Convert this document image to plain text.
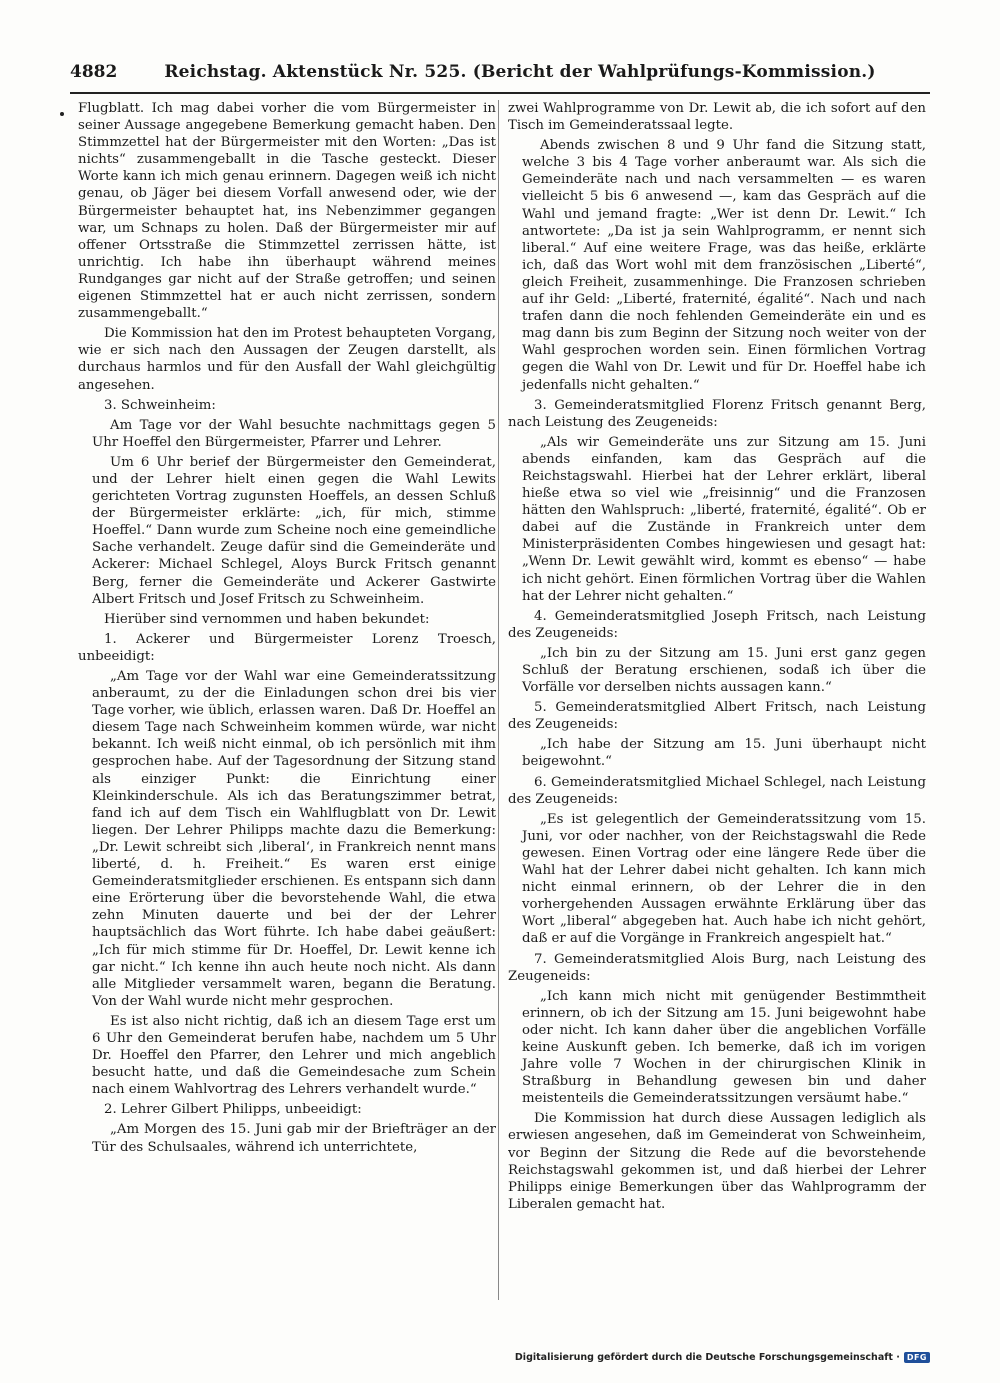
4882	Reichstag. Aktenstück Nr. 525. (Bericht der Wahlprüfungs-Kommission.)

Flugblatt. Ich mag dabei vorher die vom Bürgermeister in seiner Aussage angegebene Bemerkung gemacht haben. Den Stimmzettel hat der Bürgermeister mit den Worten: „Das ist nichts“ zusammengeballt in die Tasche gesteckt. Dieser Worte kann ich mich genau erinnern. Dagegen weiß ich nicht genau, ob Jäger bei diesem Vorfall anwesend oder, wie der Bürgermeister behauptet hat, ins Nebenzimmer gegangen war, um Schnaps zu holen. Daß der Bürgermeister mir auf offener Ortsstraße die Stimmzettel zerrissen hätte, ist unrichtig. Ich habe ihn überhaupt während meines Rundganges gar nicht auf der Straße getroffen; und seinen eigenen Stimmzettel hat er auch nicht zerrissen, sondern zusammengeballt.“

Die Kommission hat den im Protest behaupteten Vorgang, wie er sich nach den Aussagen der Zeugen darstellt, als durchaus harmlos und für den Ausfall der Wahl gleichgültig angesehen.

3. Schweinheim:

Am Tage vor der Wahl besuchte nachmittags gegen 5 Uhr Hoeffel den Bürgermeister, Pfarrer und Lehrer.

Um 6 Uhr berief der Bürgermeister den Gemeinderat, und der Lehrer hielt einen gegen die Wahl Lewits gerichteten Vortrag zugunsten Hoeffels, an dessen Schluß der Bürgermeister erklärte: „ich, für mich, stimme Hoeffel.“ Dann wurde zum Scheine noch eine gemeindliche Sache verhandelt. Zeuge dafür sind die Gemeinderäte und Ackerer: Michael Schlegel, Aloys Burck Fritsch genannt Berg, ferner die Gemeinderäte und Ackerer Gastwirte Albert Fritsch und Josef Fritsch zu Schweinheim.

Hierüber sind vernommen und haben bekundet:

1. Ackerer und Bürgermeister Lorenz Troesch, unbeeidigt:

„Am Tage vor der Wahl war eine Gemeinderatssitzung anberaumt, zu der die Einladungen schon drei bis vier Tage vorher, wie üblich, erlassen waren. Daß Dr. Hoeffel an diesem Tage nach Schweinheim kommen würde, war nicht bekannt. Ich weiß nicht einmal, ob ich persönlich mit ihm gesprochen habe. Auf der Tagesordnung der Sitzung stand als einziger Punkt: die Einrichtung einer Kleinkinderschule. Als ich das Beratungszimmer betrat, fand ich auf dem Tisch ein Wahlflugblatt von Dr. Lewit liegen. Der Lehrer Philipps machte dazu die Bemerkung: „Dr. Lewit schreibt sich ‚liberal‘, in Frankreich nennt mans liberté, d. h. Freiheit.“ Es waren erst einige Gemeinderatsmitglieder erschienen. Es entspann sich dann eine Erörterung über die bevorstehende Wahl, die etwa zehn Minuten dauerte und bei der der Lehrer hauptsächlich das Wort führte. Ich habe dabei geäußert: „Ich für mich stimme für Dr. Hoeffel, Dr. Lewit kenne ich gar nicht.“ Ich kenne ihn auch heute noch nicht. Als dann alle Mitglieder versammelt waren, begann die Beratung. Von der Wahl wurde nicht mehr gesprochen.

Es ist also nicht richtig, daß ich an diesem Tage erst um 6 Uhr den Gemeinderat berufen habe, nachdem um 5 Uhr Dr. Hoeffel den Pfarrer, den Lehrer und mich angeblich besucht hatte, und daß die Gemeindesache zum Schein nach einem Wahlvortrag des Lehrers verhandelt wurde.“

2. Lehrer Gilbert Philipps, unbeeidigt:

„Am Morgen des 15. Juni gab mir der Briefträger an der Tür des Schulsaales, während ich unterrichtete,

zwei Wahlprogramme von Dr. Lewit ab, die ich sofort auf den Tisch im Gemeinderatssaal legte.

Abends zwischen 8 und 9 Uhr fand die Sitzung statt, welche 3 bis 4 Tage vorher anberaumt war. Als sich die Gemeinderäte nach und nach versammelten — es waren vielleicht 5 bis 6 anwesend —, kam das Gespräch auf die Wahl und jemand fragte: „Wer ist denn Dr. Lewit.“ Ich antwortete: „Da ist ja sein Wahlprogramm, er nennt sich liberal.“ Auf eine weitere Frage, was das heiße, erklärte ich, daß das Wort wohl mit dem französischen „Liberté“, gleich Freiheit, zusammenhinge. Die Franzosen schrieben auf ihr Geld: „Liberté, fraternité, égalité“. Nach und nach trafen dann die noch fehlenden Gemeinderäte ein und es mag dann bis zum Beginn der Sitzung noch weiter von der Wahl gesprochen worden sein. Einen förmlichen Vortrag gegen die Wahl von Dr. Lewit und für Dr. Hoeffel habe ich jedenfalls nicht gehalten.“

3. Gemeinderatsmitglied Florenz Fritsch genannt Berg, nach Leistung des Zeugeneids:

„Als wir Gemeinderäte uns zur Sitzung am 15. Juni abends einfanden, kam das Gespräch auf die Reichstagswahl. Hierbei hat der Lehrer erklärt, liberal hieße etwa so viel wie „freisinnig“ und die Franzosen hätten den Wahlspruch: „liberté, fraternité, égalité“. Ob er dabei auf die Zustände in Frankreich unter dem Ministerpräsidenten Combes hingewiesen und gesagt hat: „Wenn Dr. Lewit gewählt wird, kommt es ebenso“ — habe ich nicht gehört. Einen förmlichen Vortrag über die Wahlen hat der Lehrer nicht gehalten.“

4. Gemeinderatsmitglied Joseph Fritsch, nach Leistung des Zeugeneids:

„Ich bin zu der Sitzung am 15. Juni erst ganz gegen Schluß der Beratung erschienen, sodaß ich über die Vorfälle vor derselben nichts aussagen kann.“

5. Gemeinderatsmitglied Albert Fritsch, nach Leistung des Zeugeneids:

„Ich habe der Sitzung am 15. Juni überhaupt nicht beigewohnt.“

6. Gemeinderatsmitglied Michael Schlegel, nach Leistung des Zeugeneids:

„Es ist gelegentlich der Gemeinderatssitzung vom 15. Juni, vor oder nachher, von der Reichstagswahl die Rede gewesen. Einen Vortrag oder eine längere Rede über die Wahl hat der Lehrer dabei nicht gehalten. Ich kann mich nicht einmal erinnern, ob der Lehrer die in den vorhergehenden Aussagen erwähnte Erklärung über das Wort „liberal“ abgegeben hat. Auch habe ich nicht gehört, daß er auf die Vorgänge in Frankreich angespielt hat.“

7. Gemeinderatsmitglied Alois Burg, nach Leistung des Zeugeneids:

„Ich kann mich nicht mit genügender Bestimmtheit erinnern, ob ich der Sitzung am 15. Juni beigewohnt habe oder nicht. Ich kann daher über die angeblichen Vorfälle keine Auskunft geben. Ich bemerke, daß ich im vorigen Jahre volle 7 Wochen in der chirurgischen Klinik in Straßburg in Behandlung gewesen bin und daher meistenteils die Gemeinderatssitzungen versäumt habe.“

Die Kommission hat durch diese Aussagen lediglich als erwiesen angesehen, daß im Gemeinderat von Schweinheim, vor Beginn der Sitzung die Rede auf die bevorstehende Reichstagswahl gekommen ist, und daß hierbei der Lehrer Philipps einige Bemerkungen über das Wahlprogramm der Liberalen gemacht hat.

Digitalisierung gefördert durch die Deutsche Forschungsgemeinschaft · DFG
